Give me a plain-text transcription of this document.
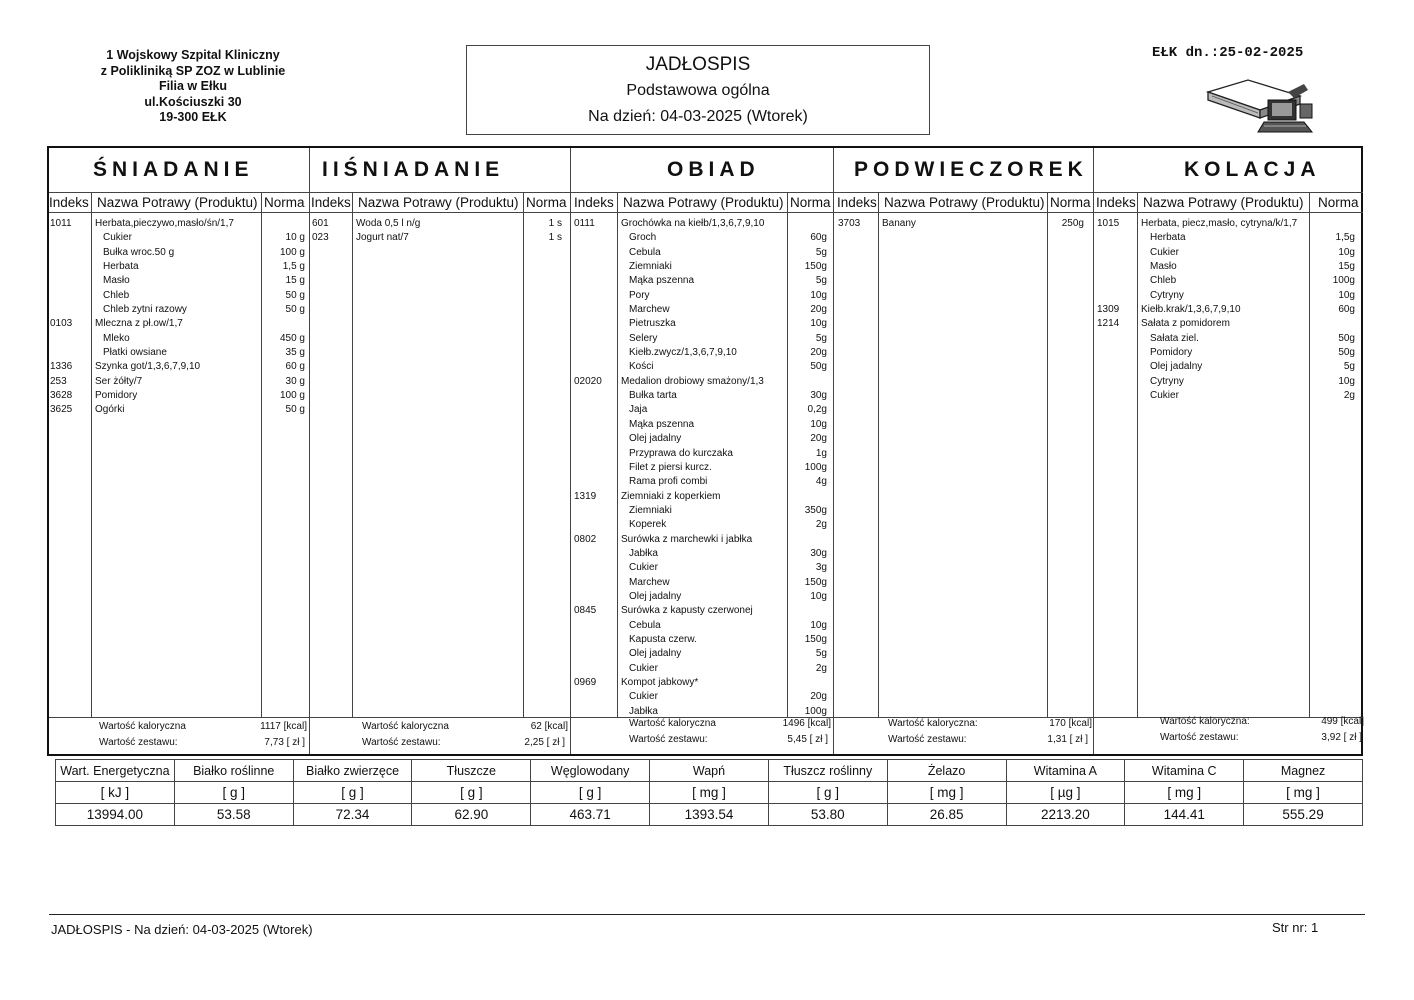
1 Wojskowy Szpital Kliniczny
z Polikliniką SP ZOZ w Lublinie
Filia w Ełku
ul.Kościuszki 30
19-300 EŁK
JADŁOSPIS
Podstawowa ogólna
Na dzień: 04-03-2025 (Wtorek)
EŁK dn.:25-02-2025
ŚNIADANIE
Indeks Nazwa Potrawy (Produktu) Norma
1011 Herbata,pieczywo,masło/śn/1,7
Cukier	10 g
Bułka wroc.50 g	100 g
Herbata	1,5 g
Masło	15 g
Chleb	50 g
Chleb zytni razowy	50 g
0103 Mleczna z pł.ow/1,7
Mleko	450 g
Płatki owsiane	35 g
1336 Szynka got/1,3,6,7,9,10	60 g
253	Ser żółty/7	30 g
3628 Pomidory	100 g
3625 Ogórki	50 g
Wartość kaloryczna	1117 [kcal]
Wartość zestawu:	7,73 [ zł ]
IIŚNIADANIE
Indeks Nazwa Potrawy (Produktu) Norma
601	Woda 0,5 l n/g	1 s
023	Jogurt nat/7	1 s
Wartość kaloryczna	62 [kcal]
Wartość zestawu:	2,25 [ zł ]
OBIAD
Indeks Nazwa Potrawy (Produktu) Norma
0111	Grochówka na kiełb/1,3,6,7,9,10
Groch	60g
Cebula	5g
Ziemniaki	150g
Mąka pszenna	5g
Pory	10g
Marchew	20g
Pietruszka	10g
Selery	5g
Kiełb.zwycz/1,3,6,7,9,10	20g
Kości	50g
02020 Medalion drobiowy smażony/1,3
Bułka tarta	30g
Jaja	0,2g
Mąka pszenna	10g
Olej jadalny	20g
Przyprawa do kurczaka	1g
Filet z piersi kurcz.	100g
Rama profi combi	4g
1319 Ziemniaki z koperkiem
Ziemniaki	350g
Koperek	2g
0802 Surówka z marchewki i jabłka
Jabłka	30g
Cukier	3g
Marchew	150g
Olej jadalny	10g
0845 Surówka z kapusty czerwonej
Cebula	10g
Kapusta czerw.	150g
Olej jadalny	5g
Cukier	2g
0969 Kompot jabkowy*
Cukier	20g
Jabłka	100g
Wartość kaloryczna	1496 [kcal]
Wartość zestawu:	5,45 [ zł ]
PODWIECZOREK
Indeks Nazwa Potrawy (Produktu) Norma
3703 Banany	250g
Wartość kaloryczna:	170 [kcal]
Wartość zestawu:	1,31 [ zł ]
KOLACJA
Indeks Nazwa Potrawy (Produktu) Norma
1015 Herbata, piecz,masło, cytryna/k/1,7
Herbata	1,5g
Cukier	10g
Masło	15g
Chleb	100g
Cytryny	10g
1309 Kiełb.krak/1,3,6,7,9,10	60g
1214 Sałata z pomidorem
Sałata ziel.	50g
Pomidory	50g
Olej jadalny	5g
Cytryny	10g
Cukier	2g
Wartość kaloryczna:	499 [kcal]
Wartość zestawu:	3,92 [ zł ]
Wart. Energetyczna	Białko roślinne	Białko zwierzęce	Tłuszcze	Węglowodany	Wapń	Tłuszcz roślinny	Żelazo	Witamina A	Witamina C	Magnez
[ kJ ]	[ g ]	[ g ]	[ g ]	[ g ]	[ mg ]	[ g ]	[ mg ]	[ µg ]	[ mg ]	[ mg ]
13994.00	53.58	72.34	62.90	463.71	1393.54	53.80	26.85	2213.20	144.41	555.29
JADŁOSPIS - Na dzień: 04-03-2025 (Wtorek)	Str nr: 1
